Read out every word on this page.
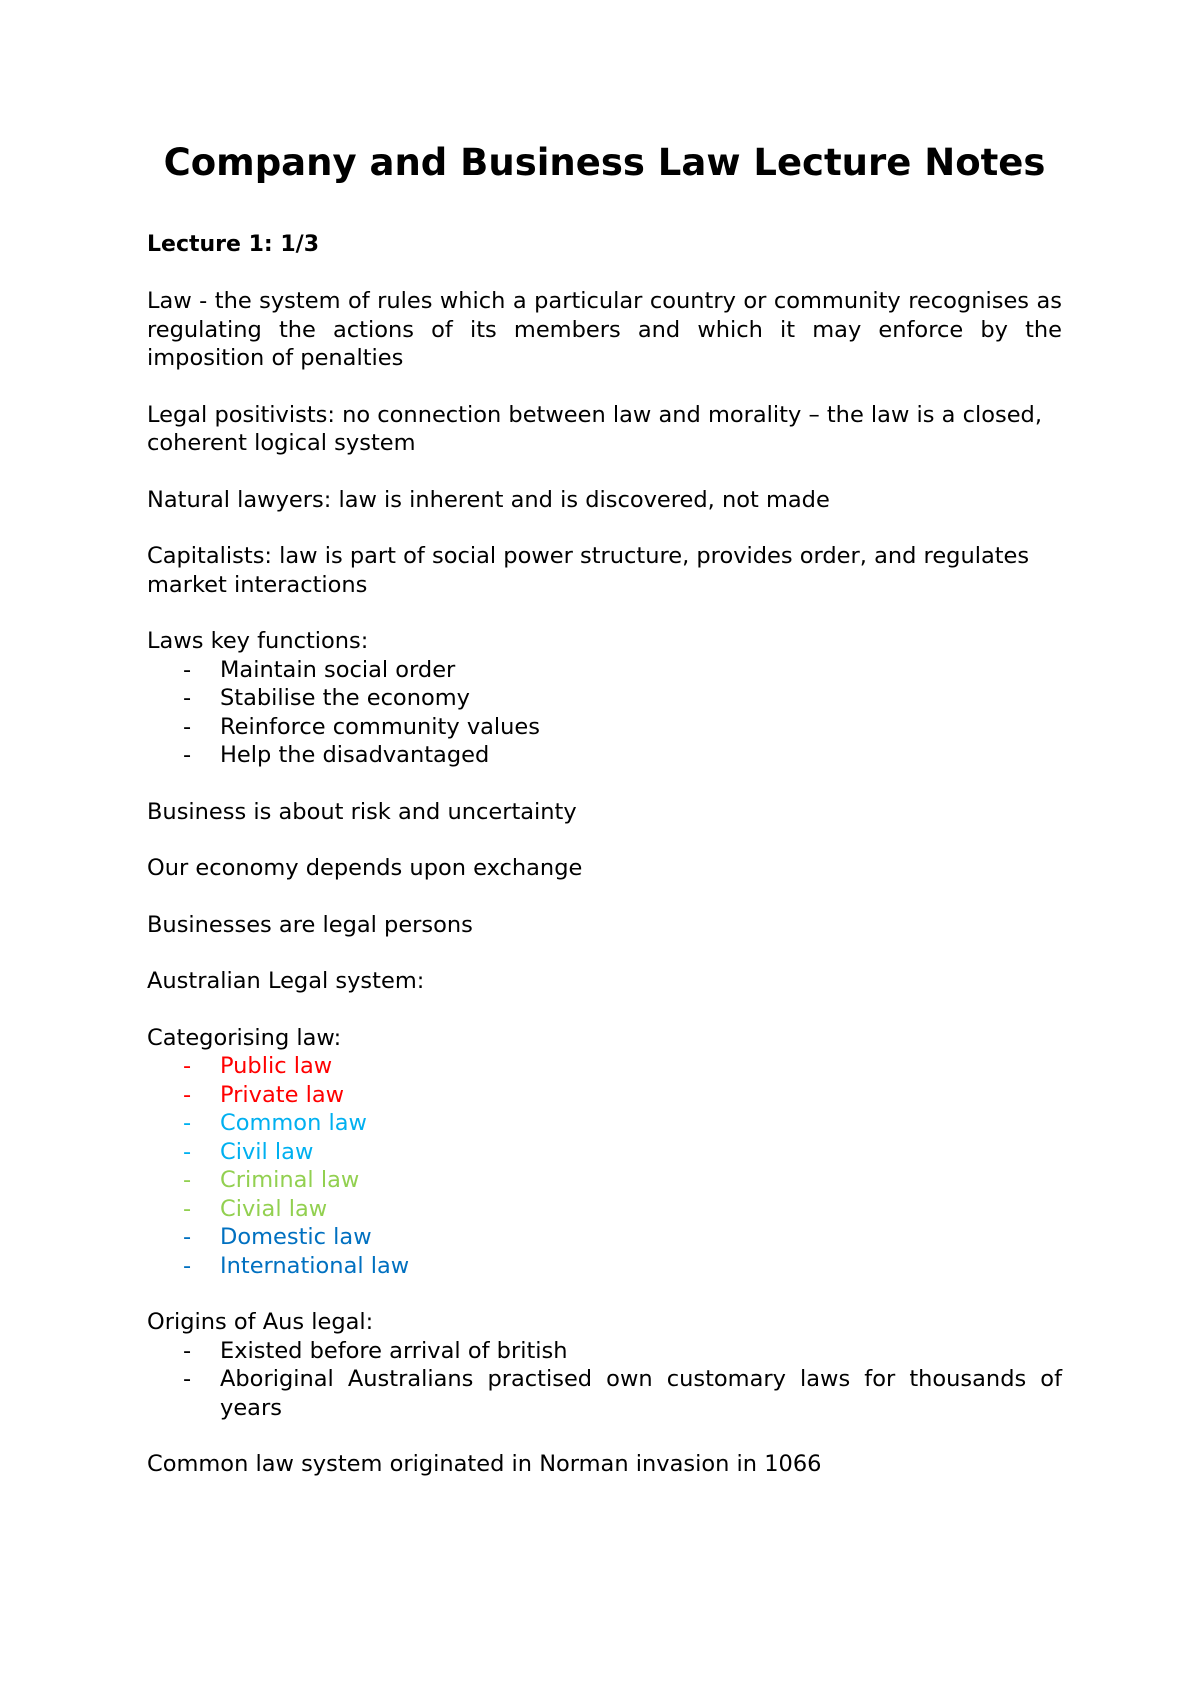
Company and Business Law Lecture Notes
Lecture 1: 1/3

Law - the system of rules which a particular country or community recognises as regulating the actions of its members and which it may enforce by the imposition of penalties

Legal positivists: no connection between law and morality – the law is a closed, coherent logical system

Natural lawyers: law is inherent and is discovered, not made

Capitalists: law is part of social power structure, provides order, and regulates market interactions

Laws key functions:

- Maintain social order
- Stabilise the economy
- Reinforce community values
- Help the disadvantaged

Business is about risk and uncertainty

Our economy depends upon exchange

Businesses are legal persons

Australian Legal system:

Categorising law:

- Public law
- Private law
- Common law
- Civil law
- Criminal law
- Civial law
- Domestic law
- International law

Origins of Aus legal:

- Existed before arrival of british
- Aboriginal Australians practised own customary laws for thousands of years

Common law system originated in Norman invasion in 1066
